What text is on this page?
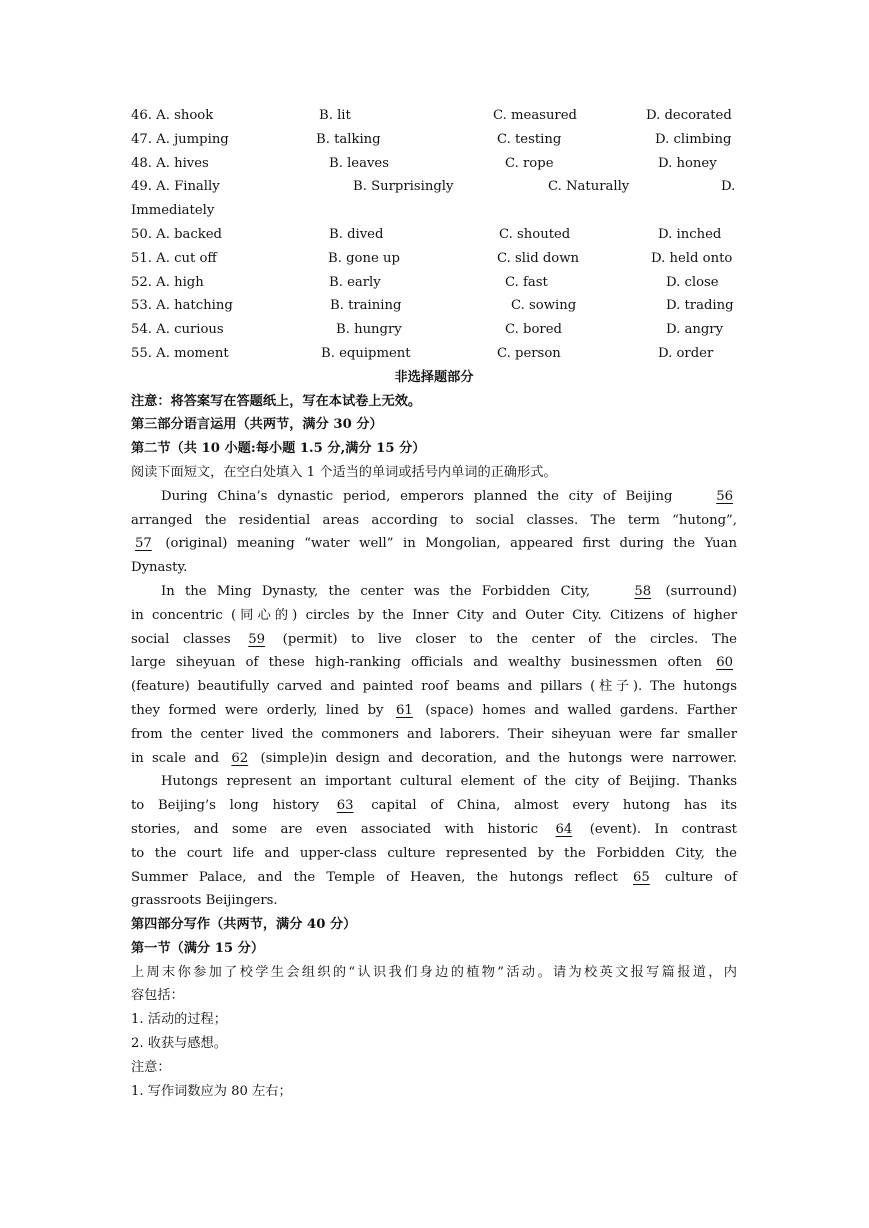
46. A. shook	B. lit	C. measured	D. decorated
47. A. jumping	B. talking	C. testing	D. climbing
48. A. hives	B. leaves	C. rope	D. honey
49. A. Finally	B. Surprisingly	C. Naturally	D.
Immediately
50. A. backed	B. dived	C. shouted	D. inched
51. A. cut off	B. gone up	C. slid down	D. held onto
52. A. high	B. early	C. fast	D. close
53. A. hatching	B. training	C. sowing	D. trading
54. A. curious	B. hungry	C. bored	D. angry
55. A. moment	B. equipment	C. person	D. order
非选择题部分
注意：将答案写在答题纸上，写在本试卷上无效。
第三部分语言运用（共两节，满分 30 分）
第二节（共 10 小题:每小题 1.5 分,满分 15 分）
阅读下面短文，在空白处填入 1 个适当的单词或括号内单词的正确形式。
During China’s dynastic period, emperors planned the city of Beijing	56
arranged the residential areas according to social classes. The term “hutong”,
57 (original) meaning “water well” in Mongolian, appeared first during the Yuan
Dynasty.
In the Ming Dynasty, the center was the Forbidden City,	58 (surround)
in concentric (同心的) circles by the Inner City and Outer City. Citizens of higher
social classes 59 (permit) to live closer to the center of the circles. The
large siheyuan of these high-ranking officials and wealthy businessmen often 60
(feature) beautifully carved and painted roof beams and pillars (柱子). The hutongs
they formed were orderly, lined by 61 (space) homes and walled gardens. Farther
from the center lived the commoners and laborers. Their siheyuan were far smaller
in scale and 62 (simple)in design and decoration, and the hutongs were narrower.
Hutongs represent an important cultural element of the city of Beijing. Thanks
to Beijing’s long history 63 capital of China, almost every hutong has its
stories, and some are even associated with historic 64 (event). In contrast
to the court life and upper-class culture represented by the Forbidden City, the
Summer Palace, and the Temple of Heaven, the hutongs reflect 65 culture of
grassroots Beijingers.
第四部分写作（共两节，满分 40 分）
第一节（满分 15 分）
上周末你参加了校学生会组织的“认识我们身边的植物”活动。请为校英文报写篇报道，内
容包括：
1. 活动的过程；
2. 收获与感想。
注意：
1. 写作词数应为 80 左右；
